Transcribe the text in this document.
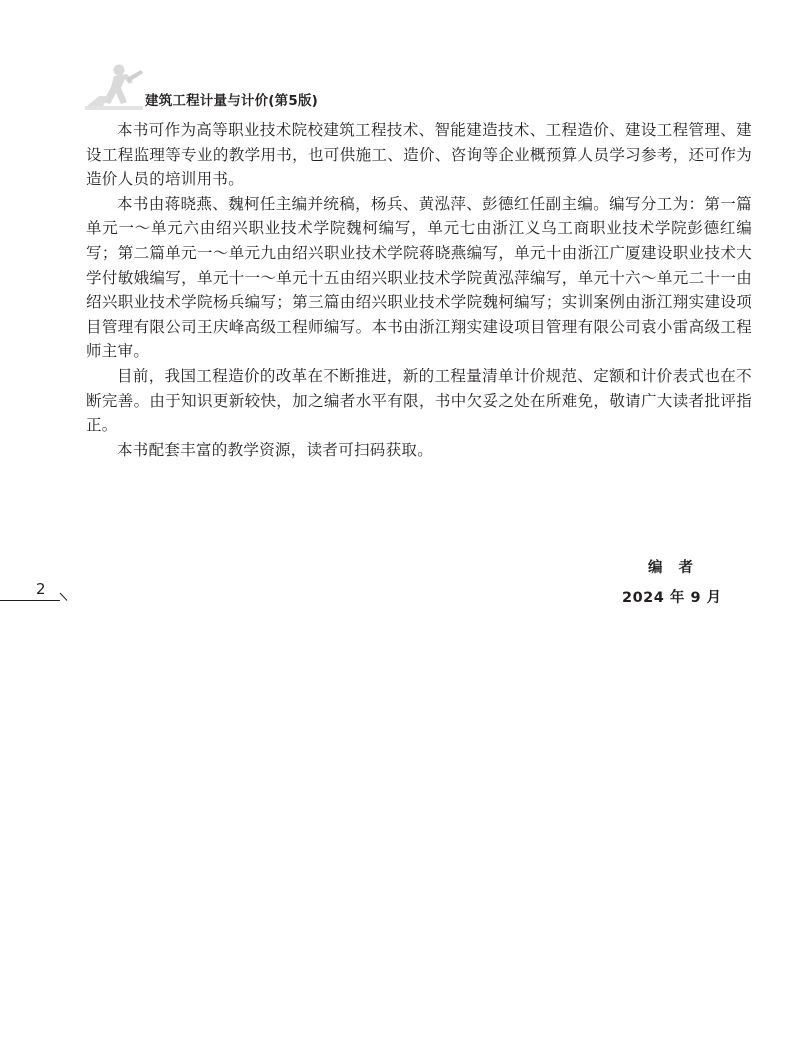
建筑工程计量与计价(第5版)

本书可作为高等职业技术院校建筑工程技术、智能建造技术、工程造价、建设工程管理、建设工程监理等专业的教学用书，也可供施工、造价、咨询等企业概预算人员学习参考，还可作为造价人员的培训用书。

本书由蒋晓燕、魏柯任主编并统稿，杨兵、黄泓萍、彭德红任副主编。编写分工为：第一篇单元一～单元六由绍兴职业技术学院魏柯编写，单元七由浙江义乌工商职业技术学院彭德红编写；第二篇单元一～单元九由绍兴职业技术学院蒋晓燕编写，单元十由浙江广厦建设职业技术大学付敏娥编写，单元十一～单元十五由绍兴职业技术学院黄泓萍编写，单元十六～单元二十一由绍兴职业技术学院杨兵编写；第三篇由绍兴职业技术学院魏柯编写；实训案例由浙江翔实建设项目管理有限公司王庆峰高级工程师编写。本书由浙江翔实建设项目管理有限公司袁小雷高级工程师主审。

目前，我国工程造价的改革在不断推进，新的工程量清单计价规范、定额和计价表式也在不断完善。由于知识更新较快，加之编者水平有限，书中欠妥之处在所难免，敬请广大读者批评指正。

本书配套丰富的教学资源，读者可扫码获取。

编者
2024 年 9 月
2
